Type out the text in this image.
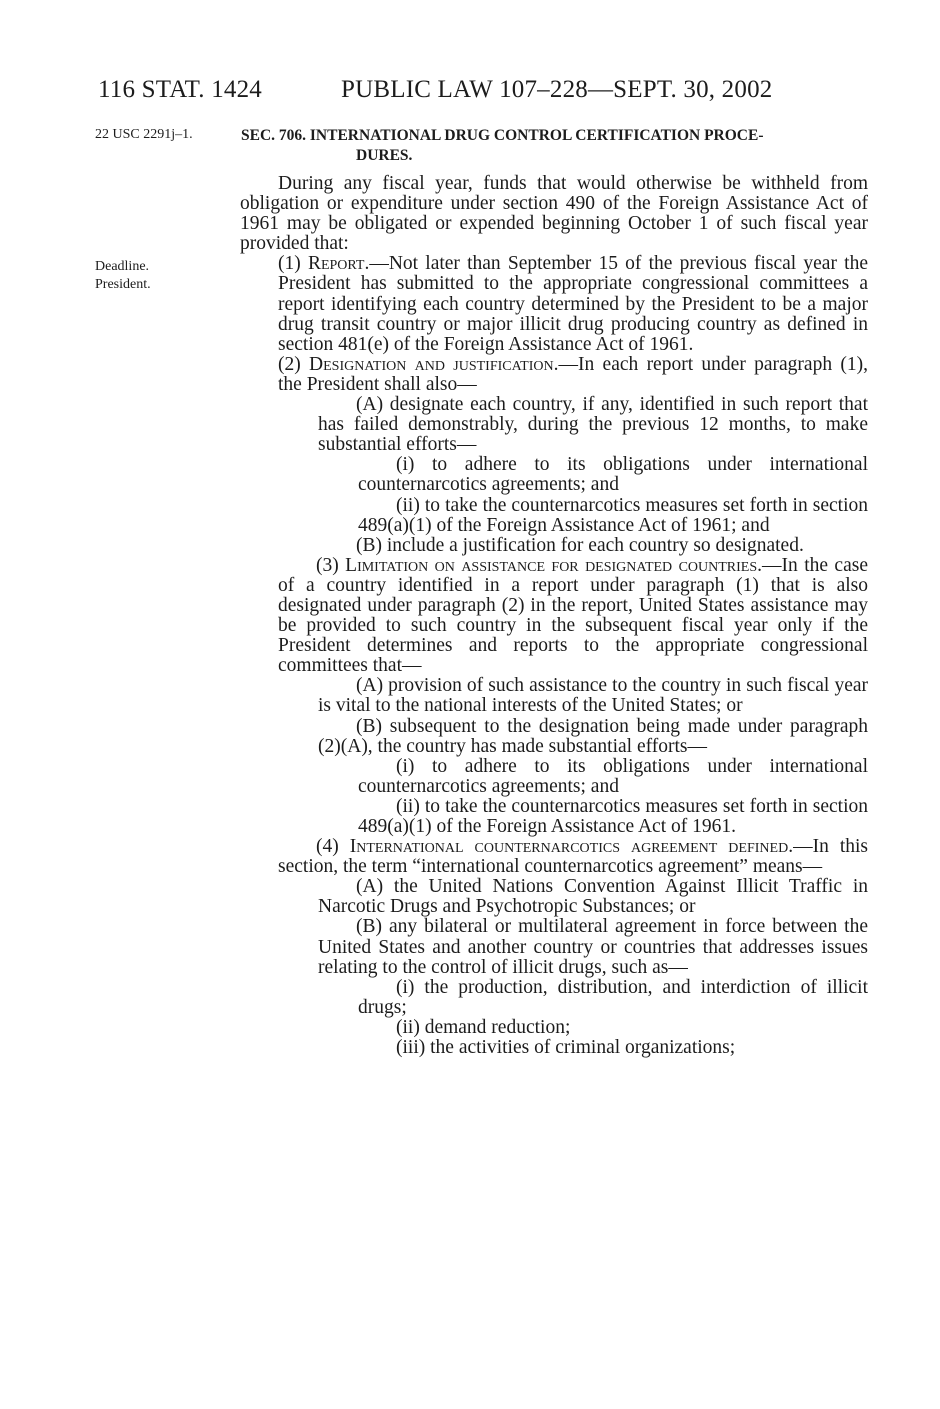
116 STAT. 1424	PUBLIC LAW 107–228—SEPT. 30, 2002
22 USC 2291j–1.
Deadline.
President.
SEC. 706. INTERNATIONAL DRUG CONTROL CERTIFICATION PROCE-
DURES.

During any fiscal year, funds that would otherwise be withheld from obligation or expenditure under section 490 of the Foreign Assistance Act of 1961 may be obligated or expended beginning October 1 of such fiscal year provided that:

(1) Report.—Not later than September 15 of the previous fiscal year the President has submitted to the appropriate congressional committees a report identifying each country determined by the President to be a major drug transit country or major illicit drug producing country as defined in section 481(e) of the Foreign Assistance Act of 1961.

(2) Designation and justification.—In each report under paragraph (1), the President shall also—

(A) designate each country, if any, identified in such report that has failed demonstrably, during the previous 12 months, to make substantial efforts—

(i) to adhere to its obligations under international counternarcotics agreements; and

(ii) to take the counternarcotics measures set forth in section 489(a)(1) of the Foreign Assistance Act of 1961; and

(B) include a justification for each country so designated.

(3) Limitation on assistance for designated countries.—In the case of a country identified in a report under paragraph (1) that is also designated under paragraph (2) in the report, United States assistance may be provided to such country in the subsequent fiscal year only if the President determines and reports to the appropriate congressional committees that—

(A) provision of such assistance to the country in such fiscal year is vital to the national interests of the United States; or

(B) subsequent to the designation being made under paragraph (2)(A), the country has made substantial efforts—

(i) to adhere to its obligations under international counternarcotics agreements; and

(ii) to take the counternarcotics measures set forth in section 489(a)(1) of the Foreign Assistance Act of 1961.

(4) International counternarcotics agreement defined.—In this section, the term “international counternarcotics agreement” means—

(A) the United Nations Convention Against Illicit Traffic in Narcotic Drugs and Psychotropic Substances; or

(B) any bilateral or multilateral agreement in force between the United States and another country or countries that addresses issues relating to the control of illicit drugs, such as—

(i) the production, distribution, and interdiction of illicit drugs;

(ii) demand reduction;

(iii) the activities of criminal organizations;
